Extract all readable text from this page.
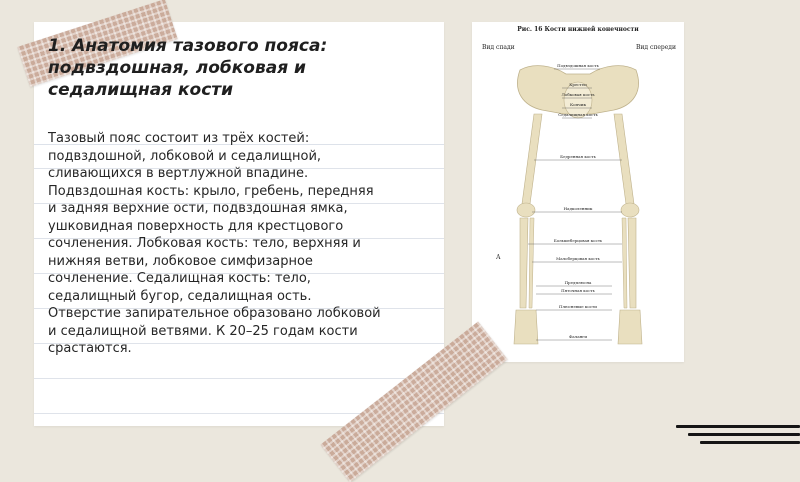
1. Анатомия тазового пояса: подвздошная, лобковая и седалищная кости

Тазовый пояс состоит из трёх костей: подвздошной, лобковой и седалищной, сливающихся в вертлужной впадине. Подвздошная кость: крыло, гребень, передняя и задняя верхние ости, подвздошная ямка, ушковидная поверхность для крестцового сочленения. Лобковая кость: тело, верхняя и нижняя ветви, лобковое симфизарное сочленение. Седалищная кость: тело, седалищный бугор, седалищная ость. Отверстие запирательное образовано лобковой и седалищной ветвями. К 20–25 годам кости срастаются.

Рис. 16 Кости нижней конечности
Вид спади	Вид спереди
А
Подвздошная кость
Крестец
Лобковая кость
Копчик
Седалищная кость
Бедренная кость
Надколенник
Большеберцовая кость
Малоберцовая кость
Предплюсна
Пяточная кость
Плюсневые кости
Фаланги
